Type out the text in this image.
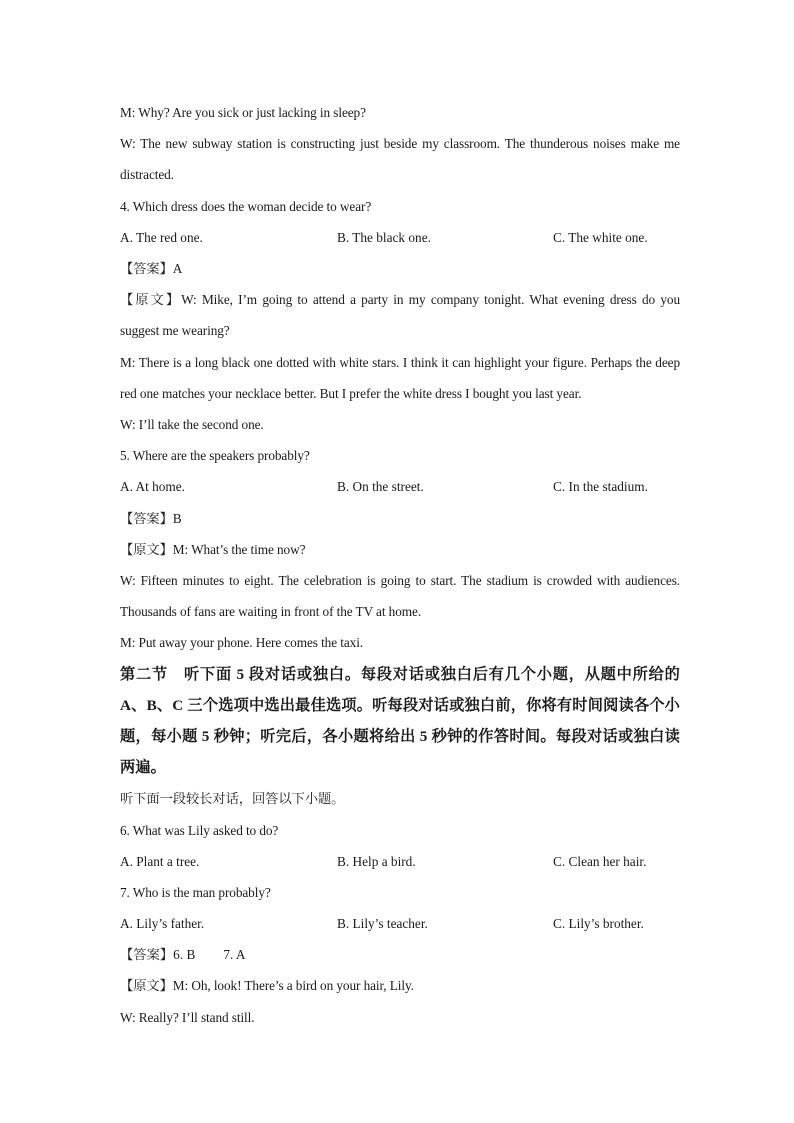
M: Why? Are you sick or just lacking in sleep?
W: The new subway station is constructing just beside my classroom. The thunderous noises make me distracted.
4. Which dress does the woman decide to wear?
A. The red one.	B. The black one.	C. The white one.
【答案】A
【原文】W: Mike, I’m going to attend a party in my company tonight. What evening dress do you suggest me wearing?
M: There is a long black one dotted with white stars. I think it can highlight your figure. Perhaps the deep red one matches your necklace better. But I prefer the white dress I bought you last year.
W: I’ll take the second one.
5. Where are the speakers probably?
A. At home.	B. On the street.	C. In the stadium.
【答案】B
【原文】M: What’s the time now?
W: Fifteen minutes to eight. The celebration is going to start. The stadium is crowded with audiences. Thousands of fans are waiting in front of the TV at home.
M: Put away your phone. Here comes the taxi.
第二节　听下面 5 段对话或独白。每段对话或独白后有几个小题，从题中所给的 A、B、C 三个选项中选出最佳选项。听每段对话或独白前，你将有时间阅读各个小题，每小题 5 秒钟；听完后，各小题将给出 5 秒钟的作答时间。每段对话或独白读两遍。
听下面一段较长对话，回答以下小题。
6. What was Lily asked to do?
A. Plant a tree.	B. Help a bird.	C. Clean her hair.
7. Who is the man probably?
A. Lily’s father.	B. Lily’s teacher.	C. Lily’s brother.
【答案】6. B 7. A
【原文】M: Oh, look! There’s a bird on your hair, Lily.
W: Really? I’ll stand still.
